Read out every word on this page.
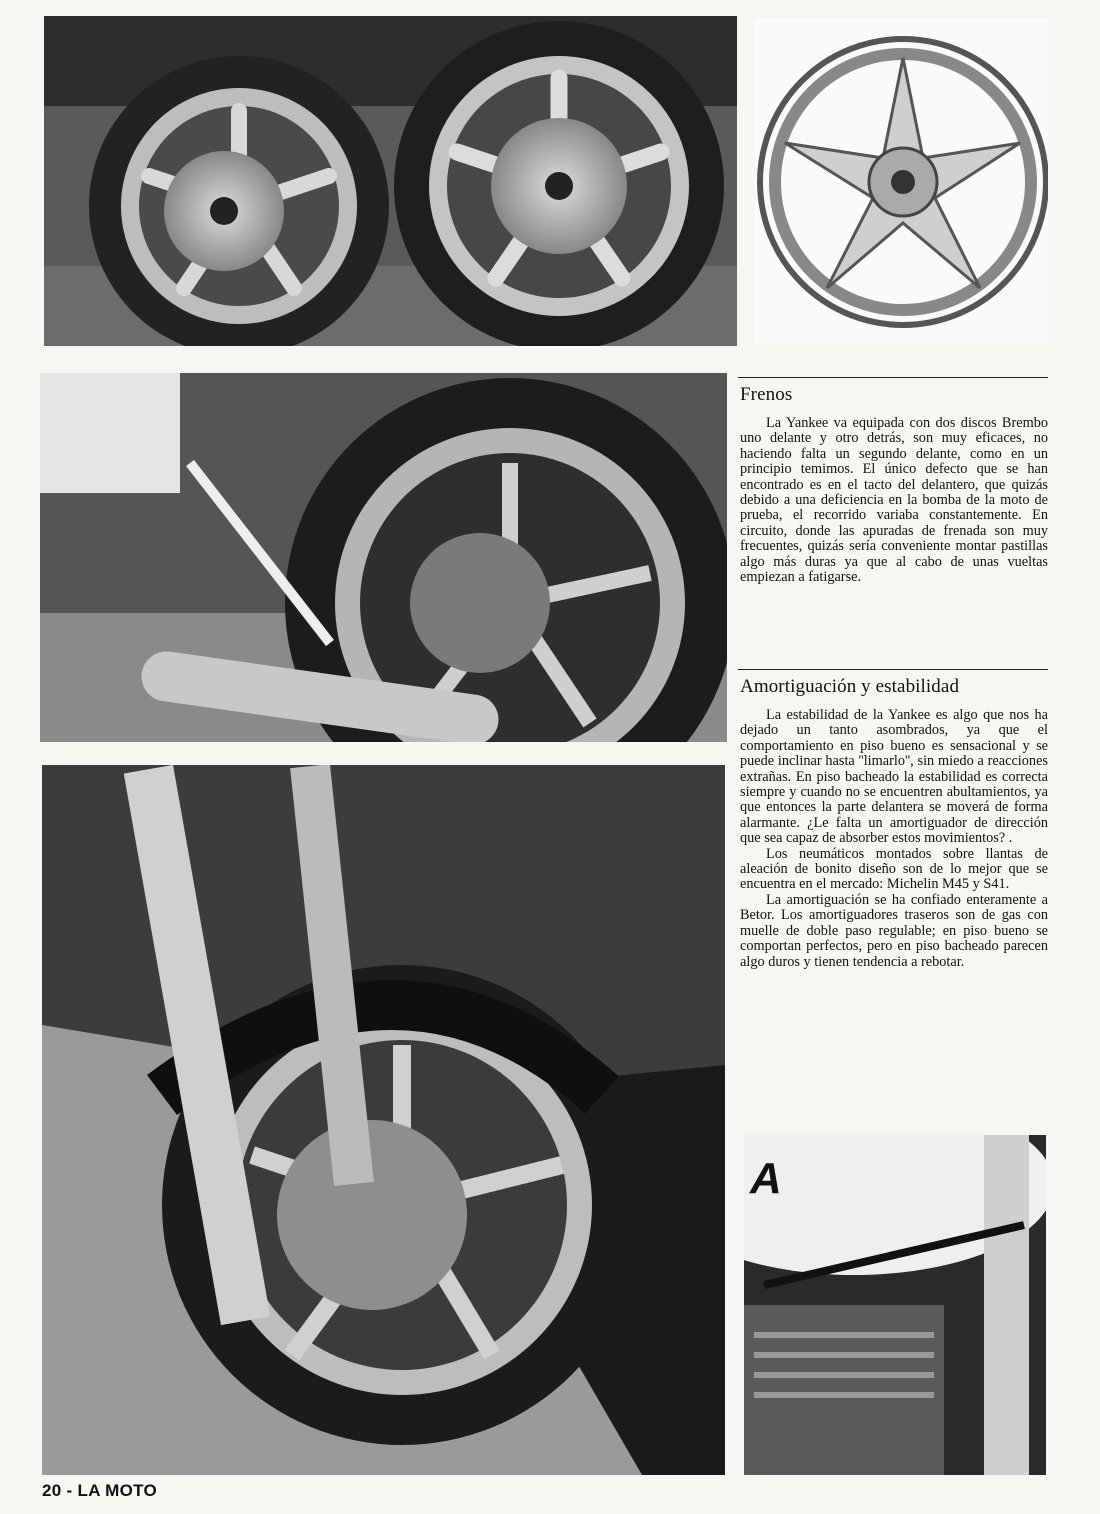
A
Frenos

La Yankee va equipada con dos discos Brembo uno delante y otro detrás, son muy eficaces, no haciendo falta un segundo delante, como en un principio temimos. El único defecto que se han encontrado es en el tacto del delantero, que quizás debido a una deficiencia en la bomba de la moto de prueba, el recorrido variaba constantemente. En circuito, donde las apuradas de frenada son muy frecuentes, quizás sería conveniente montar pastillas algo más duras ya que al cabo de unas vueltas empiezan a fatigarse.

Amortiguación y estabilidad

La estabilidad de la Yankee es algo que nos ha dejado un tanto asombrados, ya que el comportamiento en piso bueno es sensacional y se puede inclinar hasta ''limarlo'', sin miedo a reacciones extrañas. En piso bacheado la estabilidad es correcta siempre y cuando no se encuentren abultamientos, ya que entonces la parte delantera se moverá de forma alarmante. ¿Le falta un amortiguador de dirección que sea capaz de absorber estos movimientos? .

Los neumáticos montados sobre llantas de aleación de bonito diseño son de lo mejor que se encuentra en el mercado: Michelin M45 y S41.

La amortiguación se ha confiado enteramente a Betor. Los amortiguadores traseros son de gas con muelle de doble paso regulable; en piso bueno se comportan perfectos, pero en piso bacheado parecen algo duros y tienen tendencia a rebotar.

20 - LA MOTO
